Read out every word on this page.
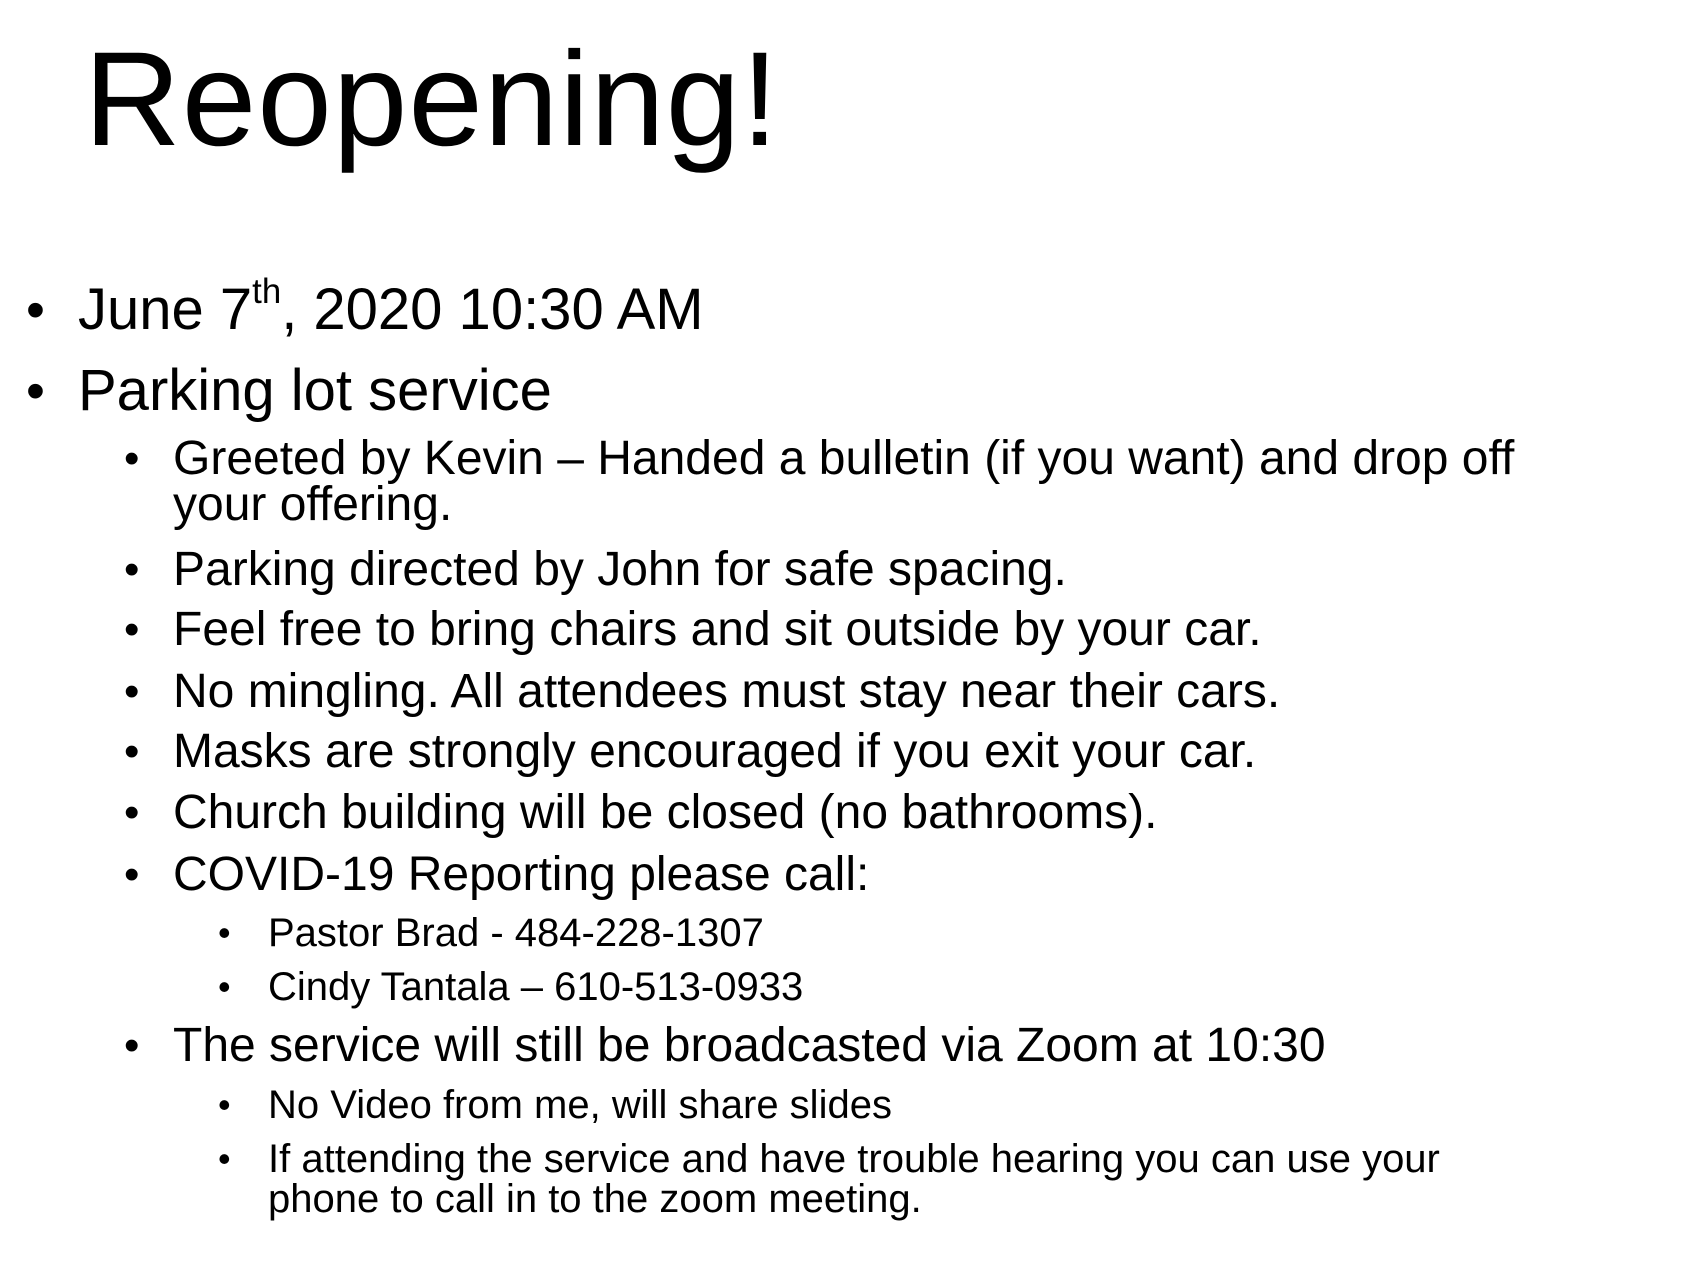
Reopening!
• June 7th, 2020 10:30 AM

• Parking lot service

• Greeted by Kevin – Handed a bulletin (if you want) and drop off

your offering.

• Parking directed by John for safe spacing.

• Feel free to bring chairs and sit outside by your car.

• No mingling. All attendees must stay near their cars.

• Masks are strongly encouraged if you exit your car.

• Church building will be closed (no bathrooms).

• COVID-19 Reporting please call:

• Pastor Brad - 484-228-1307

• Cindy Tantala – 610-513-0933

• The service will still be broadcasted via Zoom at 10:30

• No Video from me, will share slides

• If attending the service and have trouble hearing you can use your

phone to call in to the zoom meeting.
